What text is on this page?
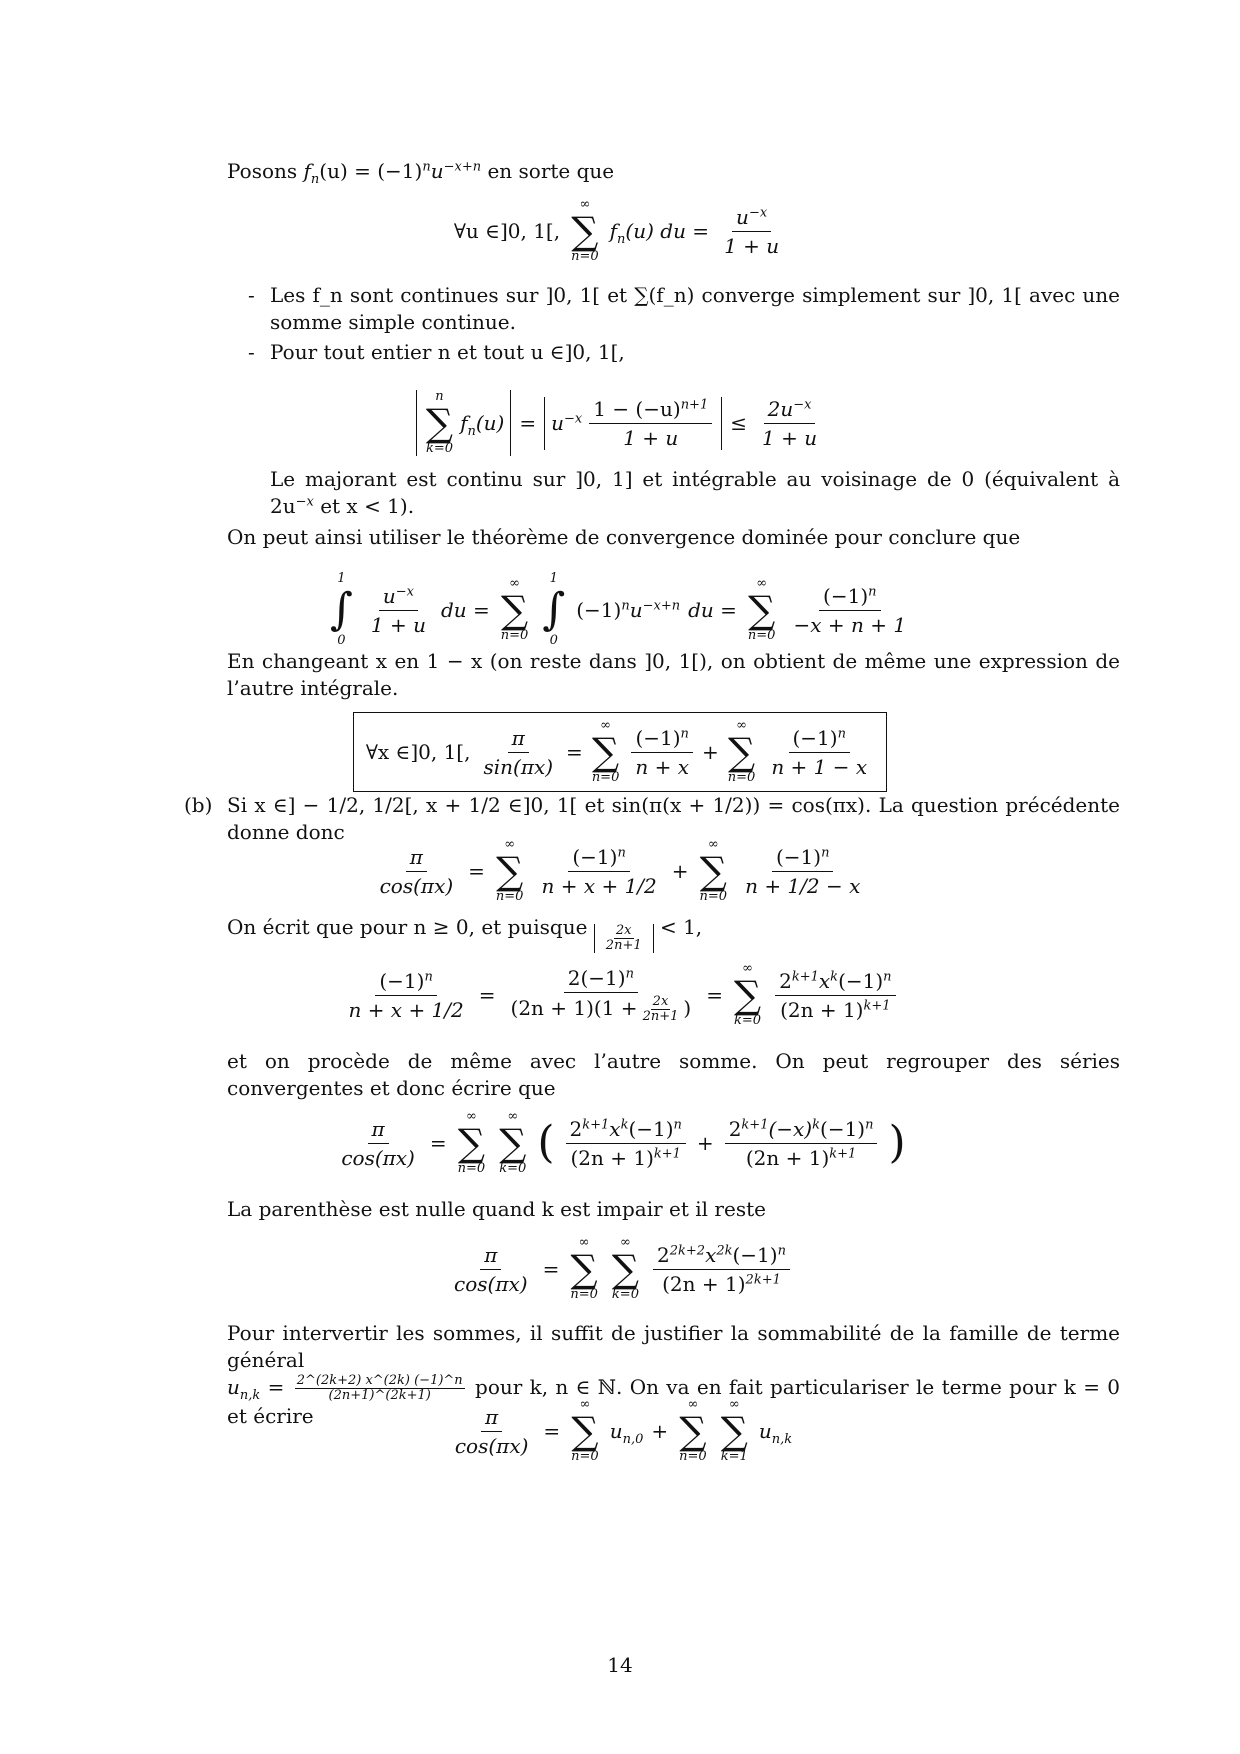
Posons $f_n(u) = (-1)^nu^{-x+n}$ en sorte que

∀u ∈]0, 1[,
∞
∑
n=0
$f_n(u)$ du = $\frac{u^{-x}}{1 + u}$
- Les f_n sont continues sur ]0, 1[ et ∑(f_n) converge simplement sur ]0, 1[ avec une somme simple continue.
- Pour tout entier n et tout u ∈]0, 1[,
n
∑
k=0
$f_n(u) = u^{-x} \frac{1 - (-u)^{n+1}}{1 + u} \le \frac{2u^{-x}}{1 + u}$

Le majorant est continu sur ]0, 1] et intégrable au voisinage de 0 (équivalent à $2u^{-x}$ et x < 1).

On peut ainsi utiliser le théorème de convergence dominée pour conclure que

1
∫
0
$\frac{u^{-x}}{1 + u}$ du =
∞
∑
n=0
1
∫
0
$(-1)^nu^{-x+n}$ du =
∞
∑
$n=0 \frac{(-1)^n}{-x + n + 1}$

En changeant x en 1 − x (on reste dans ]0, 1[), on obtient de même une expression de l’autre intégrale.

∀x ∈]0, 1[, $\frac{\pi}{\sin(\pi x)}$ =
∞
∑
$n=0 \frac{(-1)^n}{n + x}$ +
∞
∑
$n=0 \frac{(-1)^n}{n + 1 - x}$
(b) Si x ∈] − 1/2, 1/2[, x + 1/2 ∈]0, 1[ et sin(π(x + 1/2)) = cos(πx). La question précédente donne donc

$\frac{\pi}{\cos(\pi x)}$ =
∞
∑
$n=0 \frac{(-1)^n}{n + x + 1/2}$ +
∞
∑
$n=0 \frac{(-1)^n}{n + 1/2 - x}$

On écrit que pour n ≥ 0, et puisque $\frac{2x}{2n+1} < 1$,

$\frac{(-1)^n}{n + x + 1/2} = \frac{2(-1)^n}{(2n + 1)(1 + \frac{2x}{2n+1} )}$ =
∞
∑
$k=0 \frac{2^{k+1}x^k(-1)^n}{(2n + 1)^{k+1}}$

et on procède de même avec l’autre somme. On peut regrouper des séries convergentes et donc écrire que

$\frac{\pi}{\cos(\pi x)}$ =
∞
∑
n=0
∞
∑
k=0
( $\frac{2^{k+1}x^k(-1)^n}{(2n + 1)^{k+1}} + \frac{2^{k+1}(-x)^k(-1)^n}{(2n + 1)^{k+1}}$ )

La parenthèse est nulle quand k est impair et il reste

$\frac{\pi}{\cos(\pi x)}$ =
∞
∑
n=0
∞
∑
$k=0 \frac{2^{2k+2}x^{2k}(-1)^n}{(2n + 1)^{2k+1}}$

Pour intervertir les sommes, il suffit de justifier la sommabilité de la famille de terme général
$u_{n,k} = \frac{2\^{}(2k+2) x\^{}(2k) (-1)\^{}n}{(2n+1)\^{}(2k+1)}$ pour k, n ∈ ℕ. On va en fait particulariser le terme pour k = 0 et écrire	$\frac{\pi}{\cos(\pi x)}$ =
∞
∑
n=0
$u_{n,0}$ +
∞
∑
n=0
∞
∑
k=1
$u_{n,k}$
14
